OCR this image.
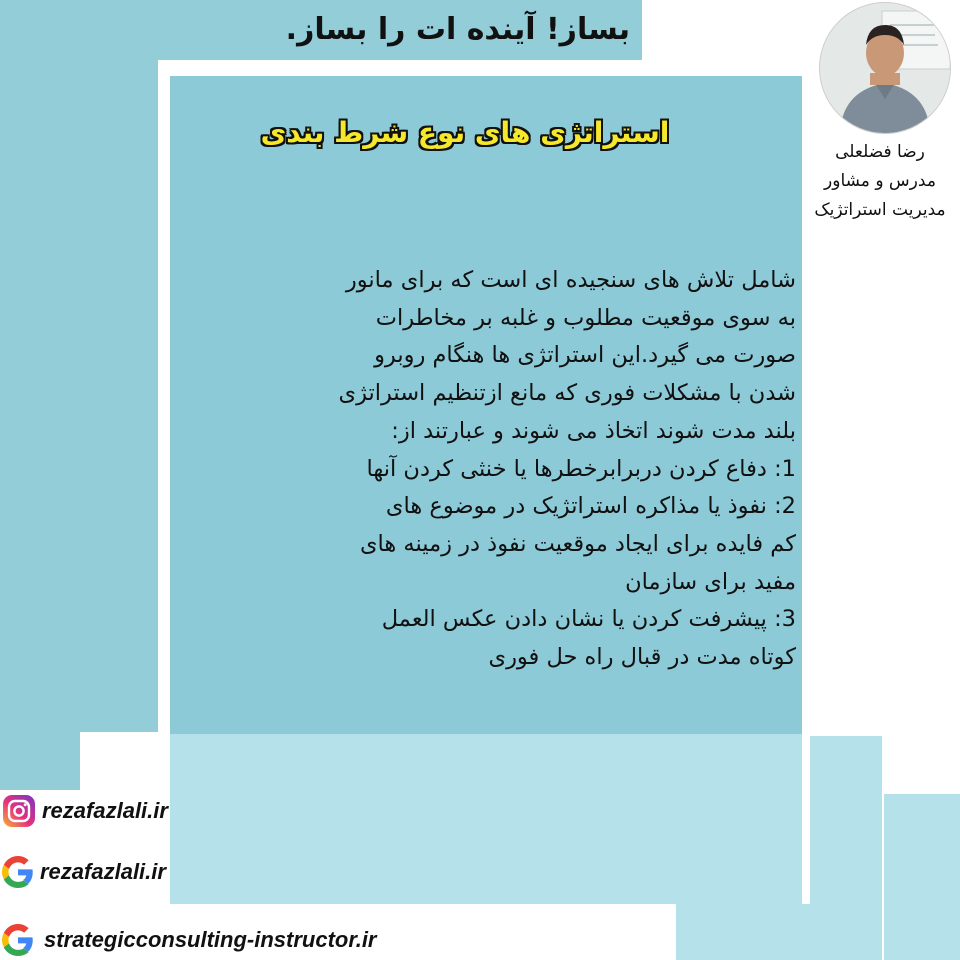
بساز! آینده ات را بساز.
استراتژی های نوع شرط بندی

شامل تلاش های سنجیده ای است که برای مانور

به سوی موقعیت مطلوب و غلبه بر مخاطرات

صورت می گیرد.این استراتژی ها هنگام روبرو

شدن با مشکلات فوری که مانع ازتنظیم استراتژی

بلند مدت شوند اتخاذ می شوند و عبارتند از:

1: دفاع کردن دربرابرخطرها یا خنثی کردن آنها

2: نفوذ یا مذاکره استراتژیک در موضوع های

کم فایده برای ایجاد موقعیت نفوذ در زمینه های

مفید برای سازمان

3: پیشرفت کردن یا نشان دادن عکس العمل

کوتاه مدت در قبال راه حل فوری

رضا فضلعلی
مدرس و مشاور
مدیریت استراتژیک
rezafazlali.ir
rezafazlali.ir
strategicconsulting-instructor.ir
